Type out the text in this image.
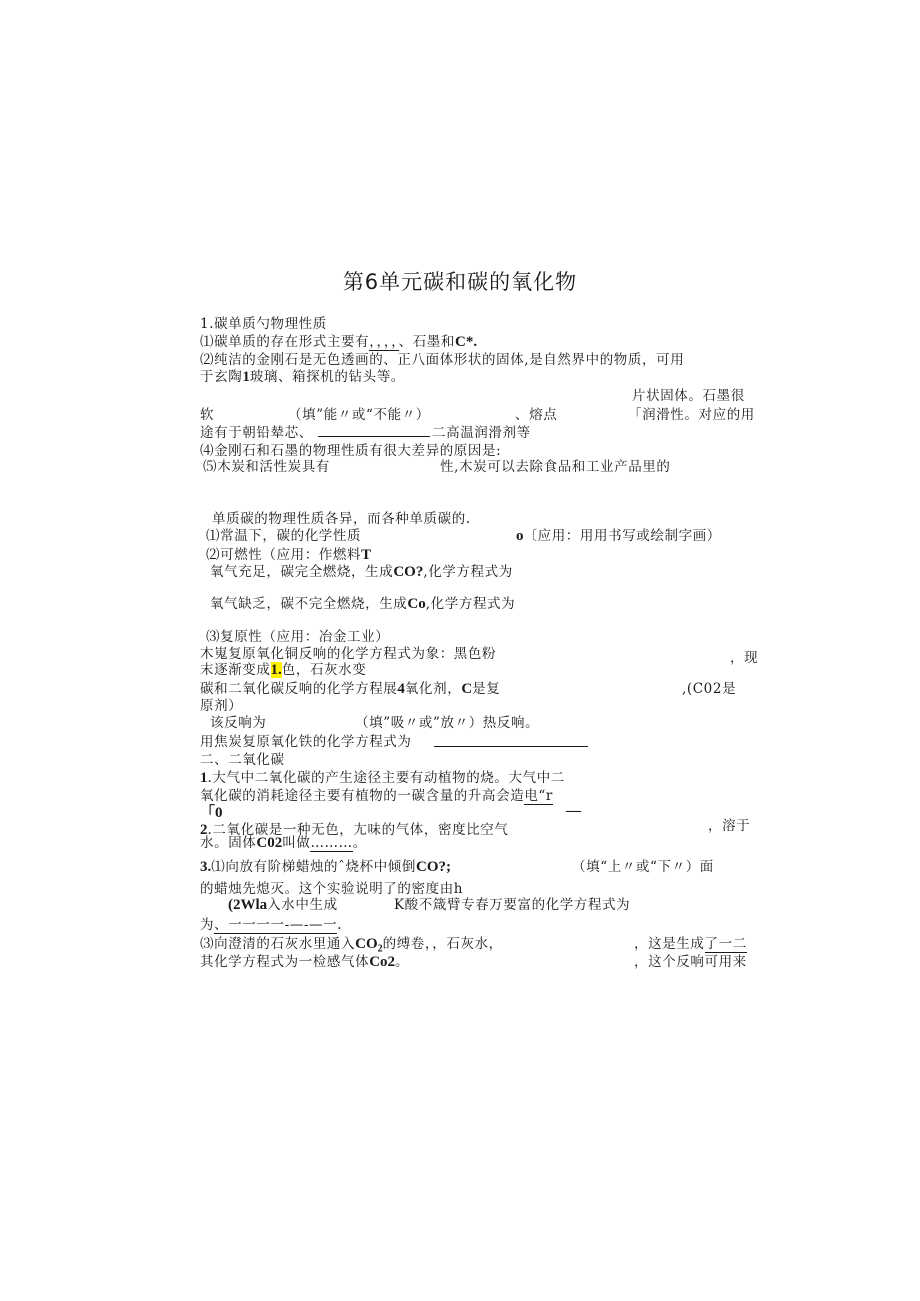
第6单元碳和碳的氧化物
1.碳单质勺物理性质
⑴碳单质的存在形式主要有，，，，、石墨和C*.
⑵纯洁的金刚石是无色透画的、正八面体形状的固体,是自然界中的物质，可用
于玄陶1玻璃、箱探机的钻头等。
片状固体。石墨很
软	（填”能〃或“不能〃）	、熔点	「润滑性。对应的用
途有于朝铅辇芯、	二高温润滑剂等
⑷金刚石和石墨的物理性质有很大差异的原因是:
⑸木炭和活性炭具有	性,木炭可以去除食品和工业产品里的
单质碳的物理性质各异，而各种单质碳的.
⑴常温下，碳的化学性质	o〔应用：用用书写或绘制字画）
⑵可燃性（应用：作燃料T
氧气充足，碳完全燃烧，生成CO?,化学方程式为
氧气缺乏，碳不完全燃烧，生成Co,化学方程式为
⑶复原性（应用：冶金工业）
木嵬复原氧化铜反响的化学方程式为象：黑色粉	，现
末逐渐变成1.色，石灰水变
碳和二氧化碳反响的化学方程展4氧化剂，C是复	,(C02是
原剂）
该反响为	（填”吸〃或”放〃）热反响。
用焦炭复原氧化铁的化学方程式为
二、二氧化碳
1.大气中二氧化碳的产生途径主要有动植物的烧。大气中二
氧化碳的消耗途径主要有植物的一碳含量的升高会造电“r
「0	—
2.二氧化碳是一种无色，尢味的气体，密度比空气	，溶于
水。固体C02叫做………。
3.⑴向放有阶梯蜡烛的ˆ烧杯中倾倒CO?;	（填“上〃或“下〃）面
的蜡烛先熄灭。这个实验说明了的密度由h
(2Wla入水中生成	K酸不箴臂专春万要富的化学方程式为
为、一一一一-—-—一.
⑶向澄清的石灰水里通入$CO_2$的缚卷，，石灰水，	，这是生成了一二
其化学方程式为一检感气体Co2。	，这个反响可用来
